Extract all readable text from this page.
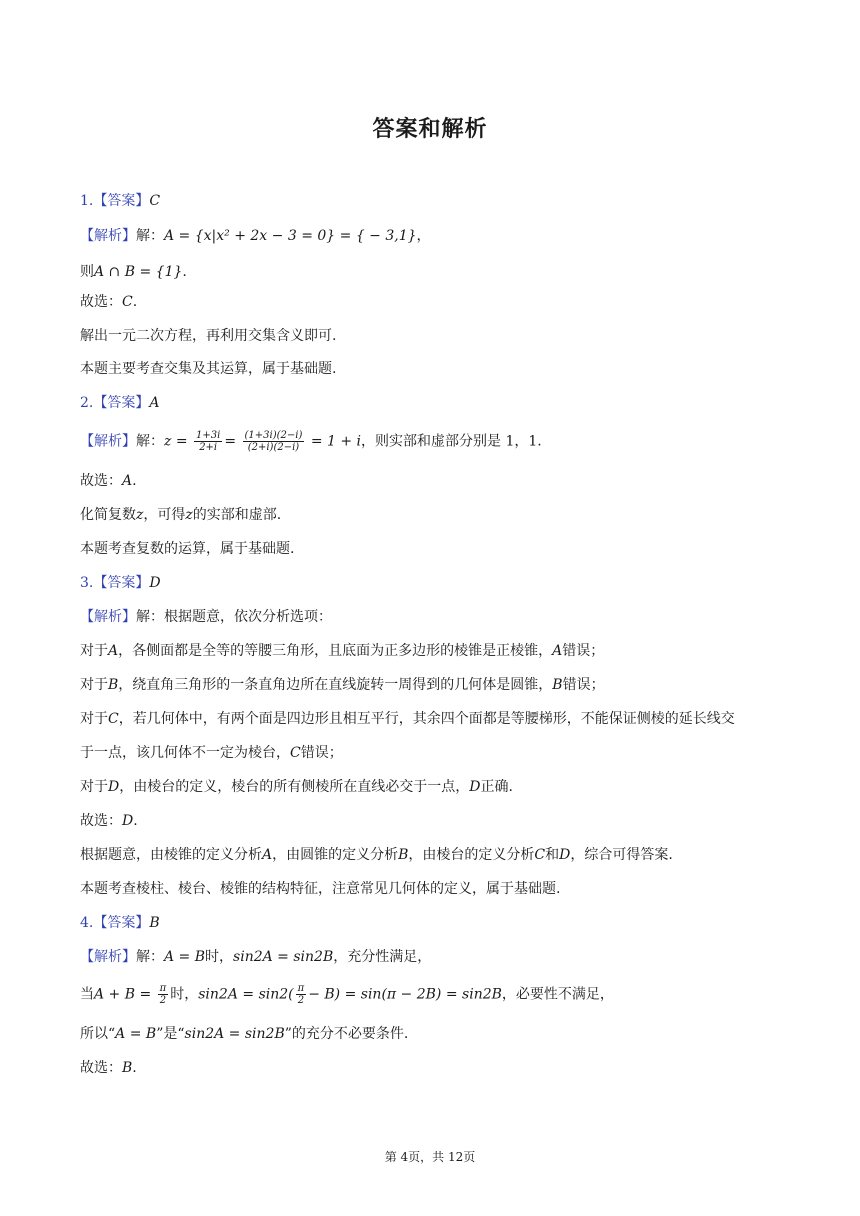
答案和解析
1.【答案】C
【解析】解：A = {x|x² + 2x − 3 = 0} = { − 3,1}，
则A ∩ B = {1}.
故选：C.
解出一元二次方程，再利用交集含义即可.
本题主要考查交集及其运算，属于基础题.
2.【答案】A
【解析】解：$z = \frac{1+3i}{2+i} = \frac{(1+3i)(2-i)}{(2+i)(2-i)} = 1 + i$，则实部和虚部分别是 1，1.
故选：A.
化简复数z，可得z的实部和虚部.
本题考查复数的运算，属于基础题.
3.【答案】D
【解析】解：根据题意，依次分析选项：
对于A，各侧面都是全等的等腰三角形，且底面为正多边形的棱锥是正棱锥，A错误；
对于B，绕直角三角形的一条直角边所在直线旋转一周得到的几何体是圆锥，B错误；
对于C，若几何体中，有两个面是四边形且相互平行，其余四个面都是等腰梯形，不能保证侧棱的延长线交
于一点，该几何体不一定为棱台，C错误；
对于D，由棱台的定义，棱台的所有侧棱所在直线必交于一点，D正确.
故选：D.
根据题意，由棱锥的定义分析A，由圆锥的定义分析B，由棱台的定义分析C和D，综合可得答案.
本题考查棱柱、棱台、棱锥的结构特征，注意常见几何体的定义，属于基础题.
4.【答案】B
【解析】解：A = B时，sin2A = sin2B，充分性满足，
当$A + B = \frac{\pi}{2}$ 时，$\sin 2A = \sin 2( \frac{\pi}{2} - B) = \sin(\pi - 2B) = \sin 2B$，必要性不满足，
所以“A = B”是“sin2A = sin2B”的充分不必要条件.
故选：B.
第 4页，共 12页
